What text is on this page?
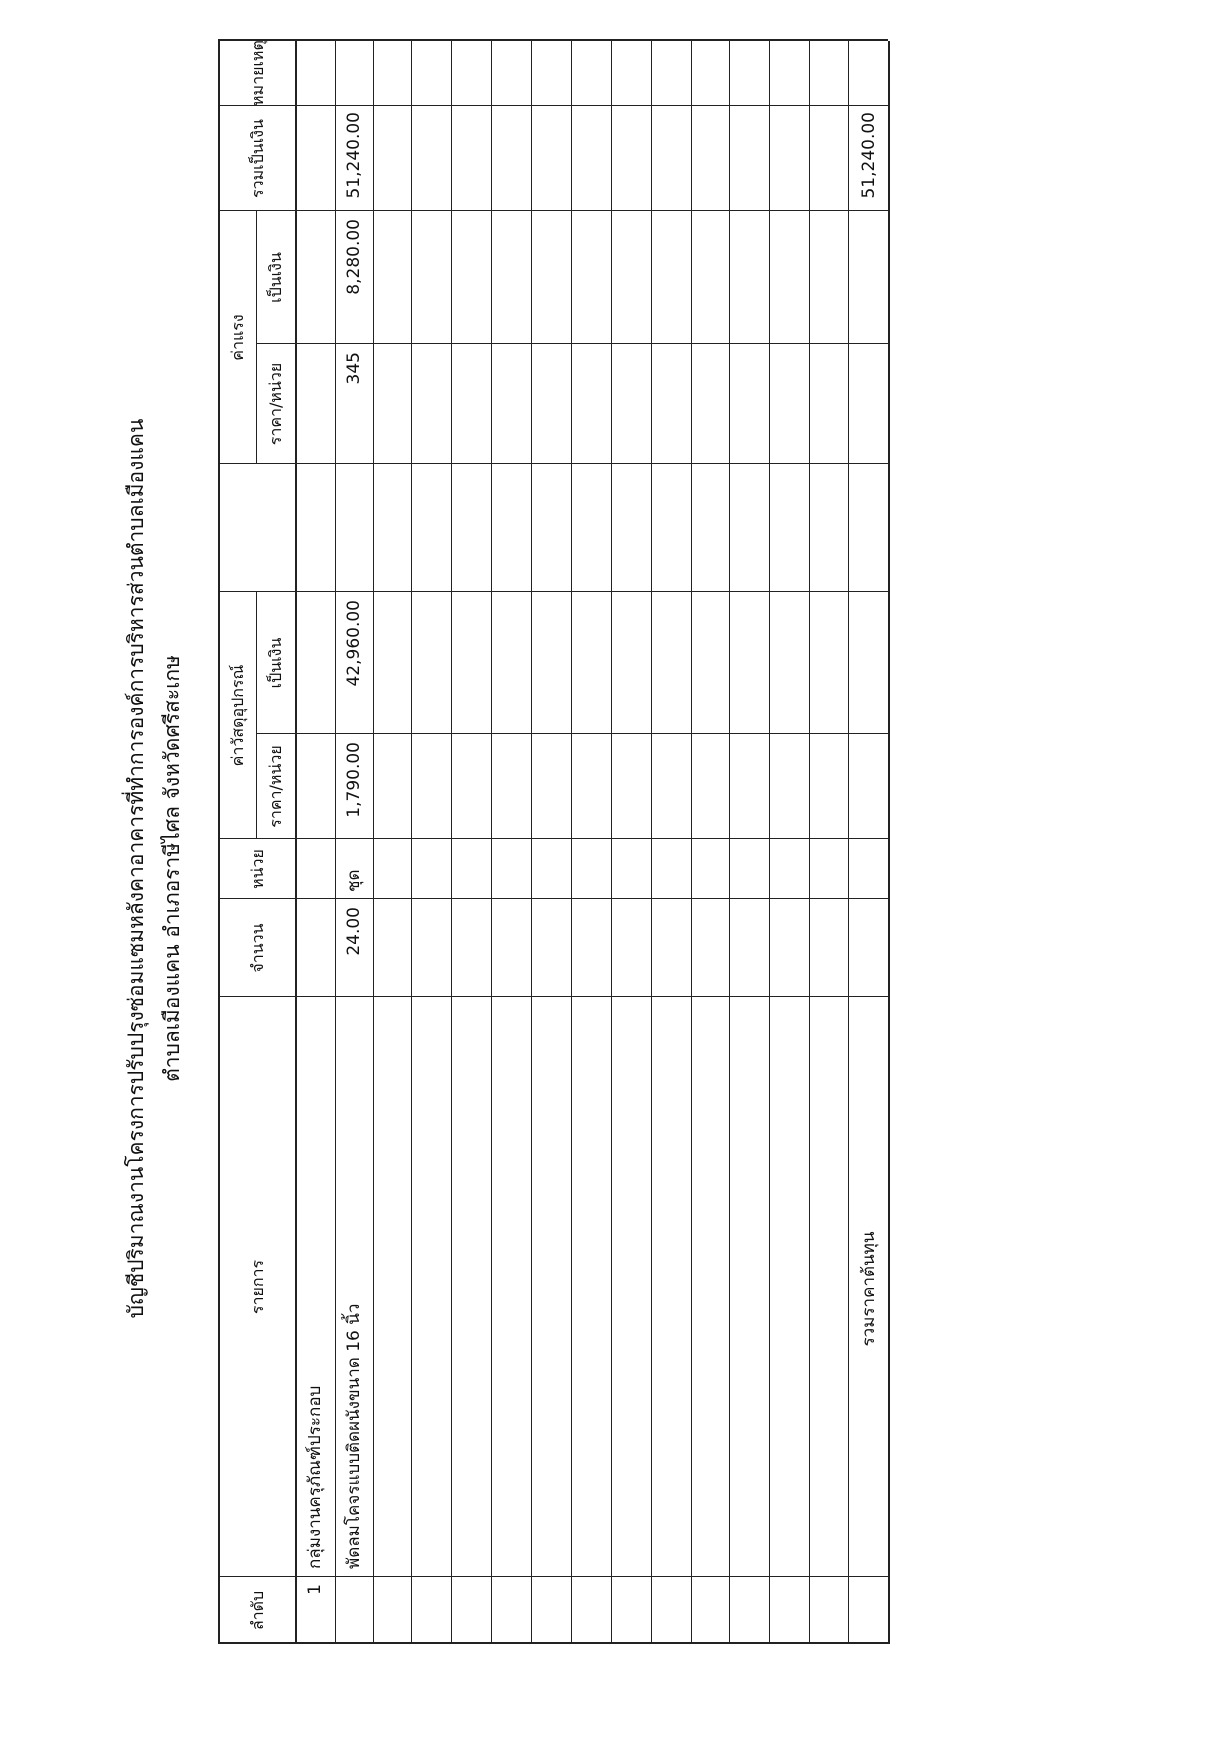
บัญชีปริมาณงานโครงการปรับปรุงซ่อมแซมหลังคาอาคารที่ทำการองค์การบริหารส่วนตำบลเมืองแคน ตำบลเมืองแคน อำเภอราษีไศล จังหวัดศรีสะเกษ
ลำดับ
รายการ
จำนวน
หน่วย
ค่าวัสดุอุปกรณ์
ราคา/หน่วย
เป็นเงิน
ค่าแรง
ราคา/หน่วย
เป็นเงิน
รวมเป็นเงิน
หมายเหตุ
1
กลุ่มงานครุภัณฑ์ประกอบ พัดลมโคจรแบบติดผนังขนาด 16 นิ้ว
24.00
ชุด
1,790.00
42,960.00
345
8,280.00
51,240.00
รวมราคาต้นทุน
51,240.00
